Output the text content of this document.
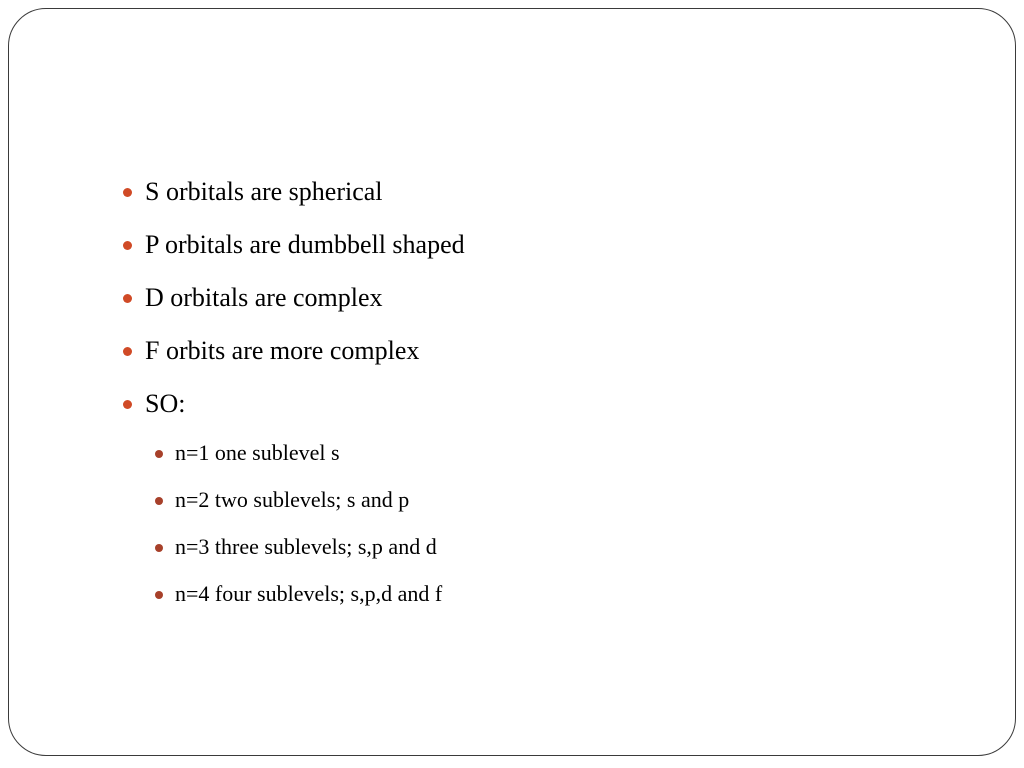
S orbitals are spherical
P orbitals are dumbbell shaped
D orbitals are complex
F orbits are more complex
SO:
n=1 one sublevel s
n=2 two sublevels; s and p
n=3 three sublevels; s,p and d
n=4 four sublevels; s,p,d and f
